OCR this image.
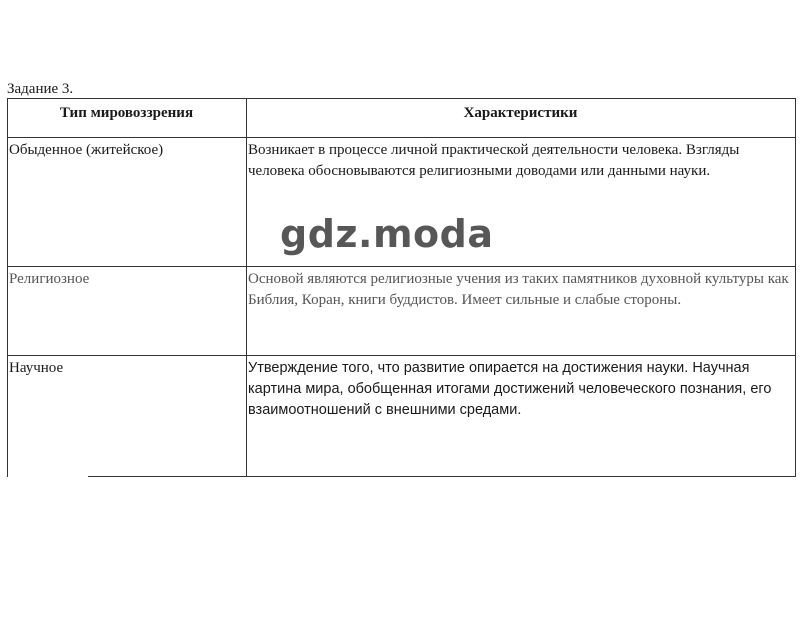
Задание 3.
Тип мировоззрения	Характеристики
Обыденное (житейское)	Возникает в процессе личной практической деятельности человека. Взгляды человека обосновываются религиозными доводами или данными науки.
Религиозное	Основой являются религиозные учения из таких памятников духовной культуры как Библия, Коран, книги буддистов. Имеет сильные и слабые стороны.
Научное	Утверждение того, что развитие опирается на достижения науки. Научная картина мира, обобщенная итогами достижений человеческого познания, его взаимоотношений с внешними средами.
gdz.moda
